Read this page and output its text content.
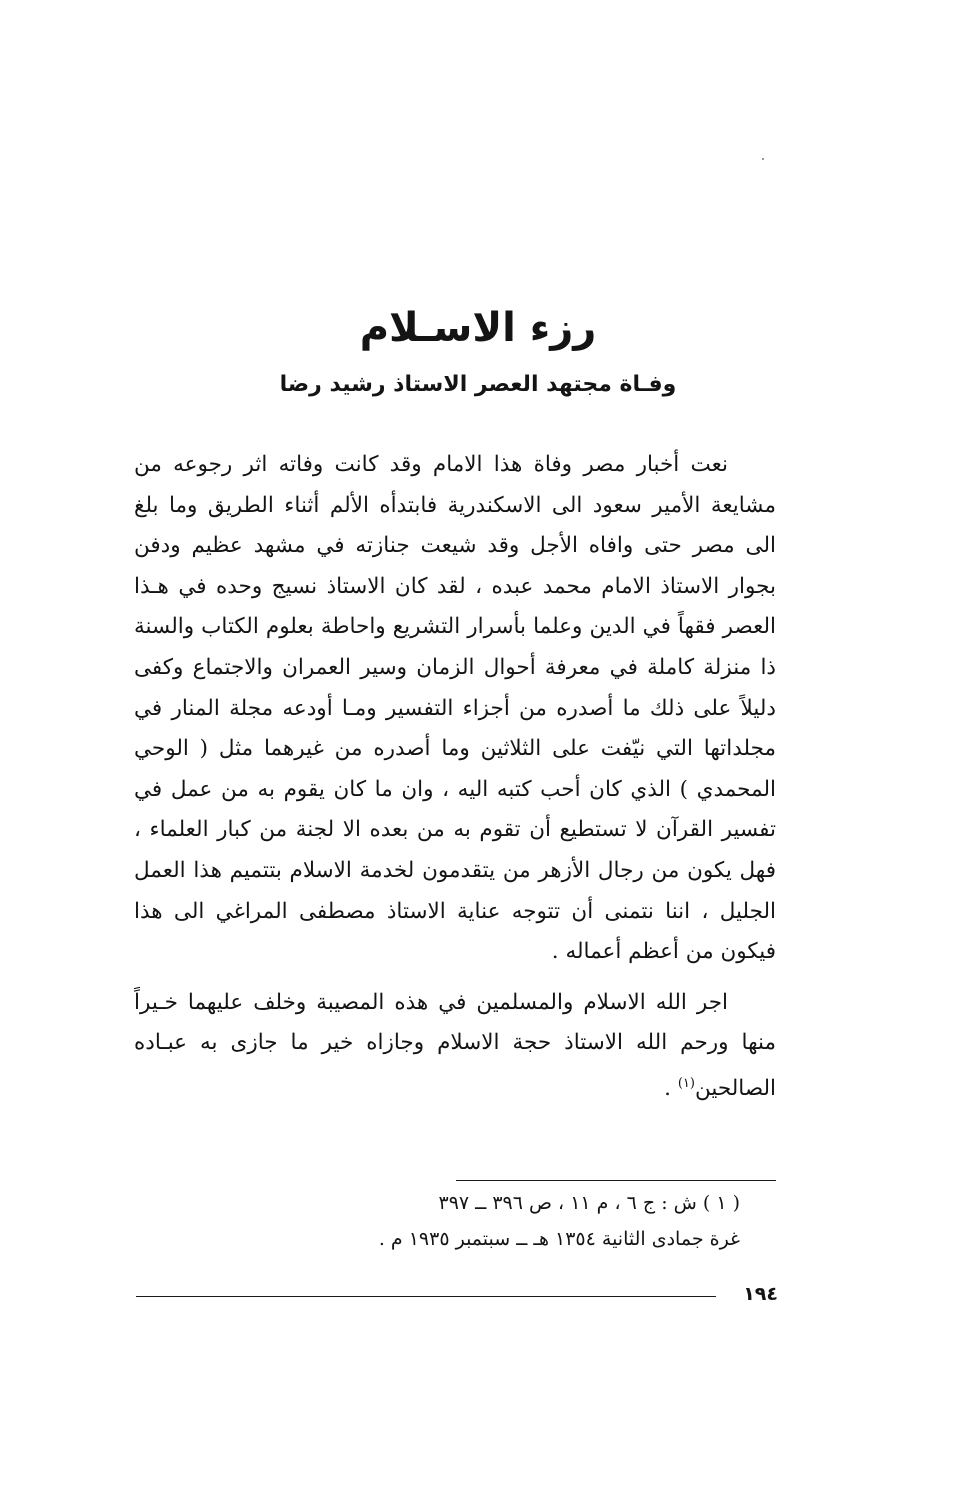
رزء الاسـلام
وفـاة مجتهد العصر الاستاذ رشيد رضا

نعت أخبار مصر وفاة هذا الامام وقد كانت وفاته اثر رجوعه من مشايعة الأمير سعود الى الاسكندرية فابتدأه الألم أثناء الطريق وما بلغ الى مصر حتى وافاه الأجل وقد شيعت جنازته في مشهد عظيم ودفن بجوار الاستاذ الامام محمد عبده ، لقد كان الاستاذ نسيج وحده في هـذا العصر فقهاً في الدين وعلما بأسرار التشريع واحاطة بعلوم الكتاب والسنة ذا منزلة كاملة في معرفة أحوال الزمان وسير العمران والاجتماع وكفى دليلاً على ذلك ما أصدره من أجزاء التفسير ومـا أودعه مجلة المنار في مجلداتها التي نيّفت على الثلاثين وما أصدره من غيرهما مثل ( الوحي المحمدي ) الذي كان أحب كتبه اليه ، وان ما كان يقوم به من عمل في تفسير القرآن لا تستطيع أن تقوم به من بعده الا لجنة من كبار العلماء ، فهل يكون من رجال الأزهر من يتقدمون لخدمة الاسلام بتتميم هذا العمل الجليل ، اننا نتمنى أن تتوجه عناية الاستاذ مصطفى المراغي الى هذا فيكون من أعظم أعماله .

اجر الله الاسلام والمسلمين في هذه المصيبة وخلف عليهما خـيراً منها ورحم الله الاستاذ حجة الاسلام وجازاه خير ما جازى به عبـاده الصالحين$^{(١)}$ .

( ١ ) ش : ج ٦ ، م ١١ ، ص ٣٩٦ ــ ٣٩٧
غرة جمادى الثانية ١٣٥٤ هـ ــ سبتمبر ١٩٣٥ م .
١٩٤
